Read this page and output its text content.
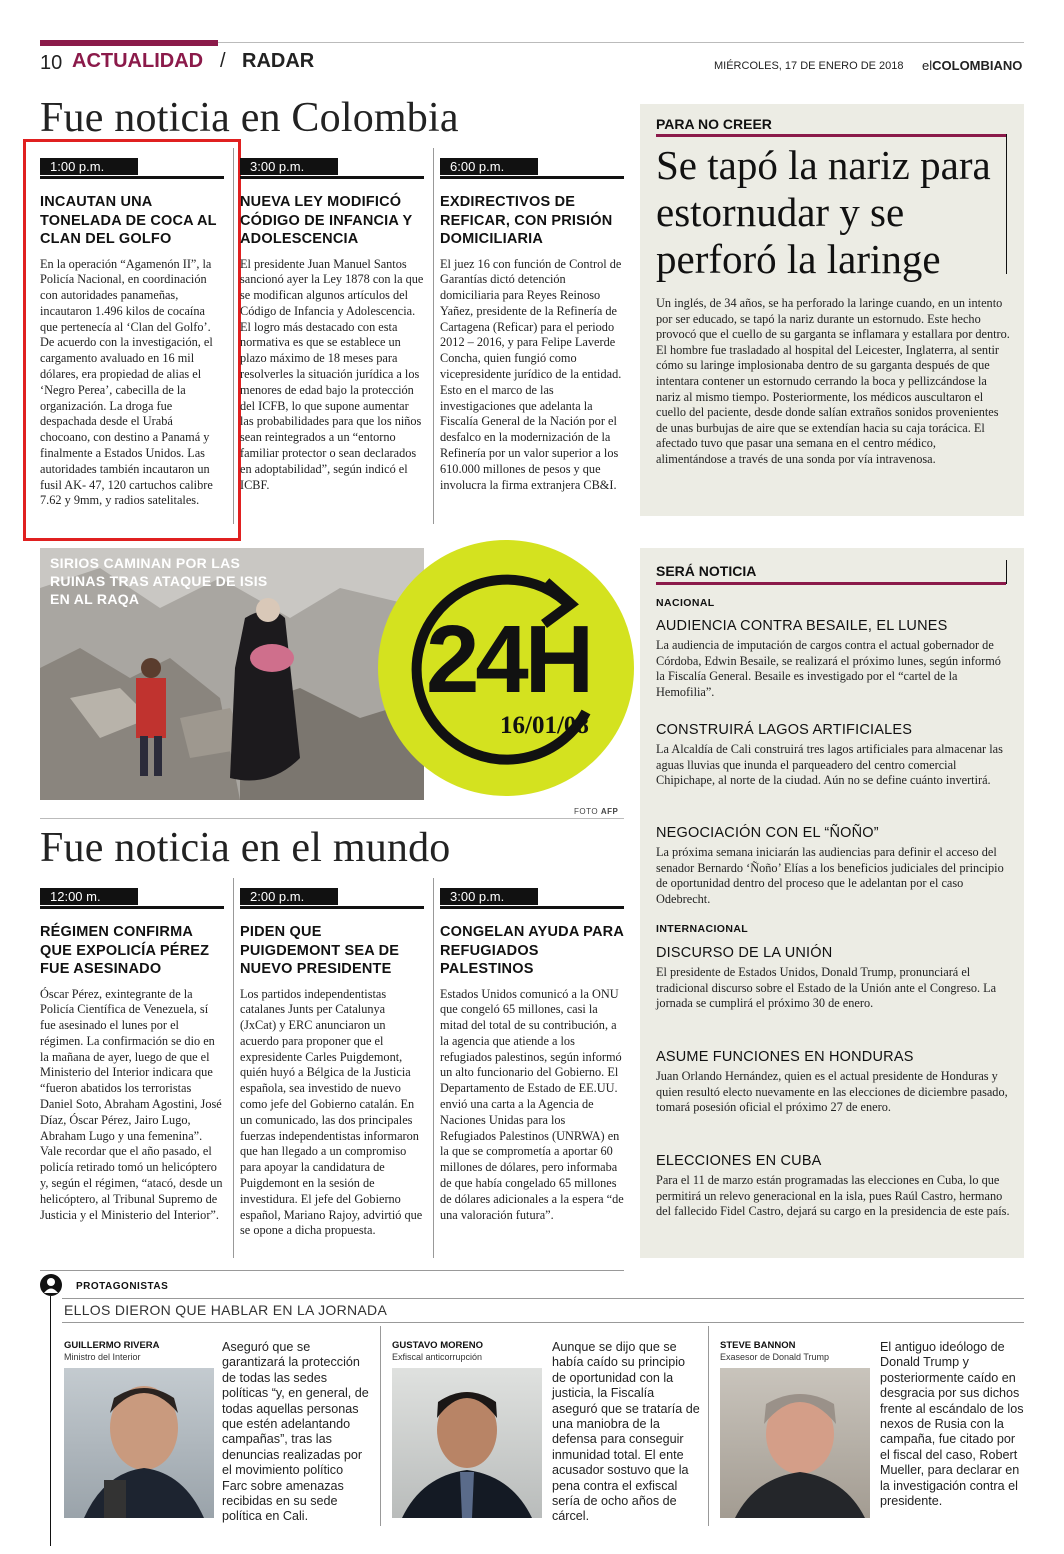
10 ACTUALIDAD / RADAR	MIÉRCOLES, 17 DE ENERO DE 2018 elCOLOMBIANO
Fue noticia en Colombia
1:00 p.m.
INCAUTAN UNA TONELADA DE COCA AL CLAN DEL GOLFO

En la operación “Agamenón II”, la Policía Nacional, en coordinación con autoridades panameñas, incautaron 1.496 kilos de cocaína que pertenecía al ‘Clan del Golfo’. De acuerdo con la investigación, el cargamento avaluado en 16 mil dólares, era propiedad de alias el ‘Negro Perea’, cabecilla de la organización. La droga fue despachada desde el Urabá chocoano, con destino a Panamá y finalmente a Estados Unidos. Las autoridades también incautaron un fusil AK- 47, 120 cartuchos calibre 7.62 y 9mm, y radios satelitales.

3:00 p.m.
NUEVA LEY MODIFICÓ CÓDIGO DE INFANCIA Y ADOLESCENCIA

El presidente Juan Manuel Santos sancionó ayer la Ley 1878 con la que se modifican algunos artículos del Código de Infancia y Adolescencia. El logro más destacado con esta normativa es que se establece un plazo máximo de 18 meses para resolverles la situación jurídica a los menores de edad bajo la protección del ICFB, lo que supone aumentar las probabilidades para que los niños sean reintegrados a un “entorno familiar protector o sean declarados en adoptabilidad”, según indicó el ICBF.

6:00 p.m.
EXDIRECTIVOS DE REFICAR, CON PRISIÓN DOMICILIARIA

El juez 16 con función de Control de Garantías dictó detención domiciliaria para Reyes Reinoso Yañez, presidente de la Refinería de Cartagena (Reficar) para el periodo 2012 – 2016, y para Felipe Laverde Concha, quien fungió como vicepresidente jurídico de la entidad. Esto en el marco de las investigaciones que adelanta la Fiscalía General de la Nación por el desfalco en la modernización de la Refinería por un valor superior a los 610.000 millones de pesos y que involucra la firma extranjera CB&I.

SIRIOS CAMINAN POR LAS RUINAS TRAS ATAQUE DE ISIS EN AL RAQA
24H
16/01/08
FOTO AFP
Fue noticia en el mundo
12:00 m.
RÉGIMEN CONFIRMA QUE EXPOLICÍA PÉREZ FUE ASESINADO

Óscar Pérez, exintegrante de la Policía Científica de Venezuela, sí fue asesinado el lunes por el régimen. La confirmación se dio en la mañana de ayer, luego de que el Ministerio del Interior indicara que “fueron abatidos los terroristas Daniel Soto, Abraham Agostini, José Díaz, Óscar Pérez, Jairo Lugo, Abraham Lugo y una femenina”. Vale recordar que el año pasado, el policía retirado tomó un helicóptero y, según el régimen, “atacó, desde un helicóptero, al Tribunal Supremo de Justicia y el Ministerio del Interior”.

2:00 p.m.
PIDEN QUE PUIGDEMONT SEA DE NUEVO PRESIDENTE

Los partidos independentistas catalanes Junts per Catalunya (JxCat) y ERC anunciaron un acuerdo para proponer que el expresidente Carles Puigdemont, quién huyó a Bélgica de la Justicia española, sea investido de nuevo como jefe del Gobierno catalán. En un comunicado, las dos principales fuerzas independentistas informaron que han llegado a un compromiso para apoyar la candidatura de Puigdemont en la sesión de investidura. El jefe del Gobierno español, Mariano Rajoy, advirtió que se opone a dicha propuesta.

3:00 p.m.
CONGELAN AYUDA PARA REFUGIADOS PALESTINOS

Estados Unidos comunicó a la ONU que congeló 65 millones, casi la mitad del total de su contribución, a la agencia que atiende a los refugiados palestinos, según informó un alto funcionario del Gobierno. El Departamento de Estado de EE.UU. envió una carta a la Agencia de Naciones Unidas para los Refugiados Palestinos (UNRWA) en la que se comprometía a aportar 60 millones de dólares, pero informaba de que había congelado 65 millones de dólares adicionales a la espera “de una valoración futura”.

PARA NO CREER
Se tapó la nariz para estornudar y se perforó la laringe

Un inglés, de 34 años, se ha perforado la laringe cuando, en un intento por ser educado, se tapó la nariz durante un estornudo. Este hecho provocó que el cuello de su garganta se inflamara y estallara por dentro. El hombre fue trasladado al hospital del Leicester, Inglaterra, al sentir cómo su laringe implosionaba dentro de su garganta después de que intentara contener un estornudo cerrando la boca y pellizcándose la nariz al mismo tiempo. Posteriormente, los médicos auscultaron el cuello del paciente, desde donde salían extraños sonidos provenientes de unas burbujas de aire que se extendían hacia su caja torácica. El afectado tuvo que pasar una semana en el centro médico, alimentándose a través de una sonda por vía intravenosa.

SERÁ NOTICIA
NACIONAL
AUDIENCIA CONTRA BESAILE, EL LUNES

La audiencia de imputación de cargos contra el actual gobernador de Córdoba, Edwin Besaile, se realizará el próximo lunes, según informó la Fiscalía General. Besaile es investigado por el “cartel de la Hemofilia”.

CONSTRUIRÁ LAGOS ARTIFICIALES

La Alcaldía de Cali construirá tres lagos artificiales para almacenar las aguas lluvias que inunda el parqueadero del centro comercial Chipichape, al norte de la ciudad. Aún no se define cuánto invertirá.

NEGOCIACIÓN CON EL “ÑOÑO”

La próxima semana iniciarán las audiencias para definir el acceso del senador Bernardo ‘Ñoño’ Elías a los beneficios judiciales del principio de oportunidad dentro del proceso que le adelantan por el caso Odebrecht.

INTERNACIONAL
DISCURSO DE LA UNIÓN

El presidente de Estados Unidos, Donald Trump, pronunciará el tradicional discurso sobre el Estado de la Unión ante el Congreso. La jornada se cumplirá el próximo 30 de enero.

ASUME FUNCIONES EN HONDURAS

Juan Orlando Hernández, quien es el actual presidente de Honduras y quien resultó electo nuevamente en las elecciones de diciembre pasado, tomará posesión oficial el próximo 27 de enero.

ELECCIONES EN CUBA

Para el 11 de marzo están programadas las elecciones en Cuba, lo que permitirá un relevo generacional en la isla, pues Raúl Castro, hermano del fallecido Fidel Castro, dejará su cargo en la presidencia de este país.

PROTAGONISTAS
ELLOS DIERON QUE HABLAR EN LA JORNADA
GUILLERMO RIVERA
Ministro del Interior

Aseguró que se garantizará la protección de todas las sedes políticas “y, en general, de todas aquellas personas que estén adelantando campañas”, tras las denuncias realizadas por el movimiento político Farc sobre amenazas recibidas en su sede política en Cali.

GUSTAVO MORENO
Exfiscal anticorrupción

Aunque se dijo que se había caído su principio de oportunidad con la justicia, la Fiscalía aseguró que se trataría de una maniobra de la defensa para conseguir inmunidad total. El ente acusador sostuvo que la pena contra el exfiscal sería de ocho años de cárcel.

STEVE BANNON
Exasesor de Donald Trump

El antiguo ideólogo de Donald Trump y posteriormente caído en desgracia por sus dichos frente al escándalo de los nexos de Rusia con la campaña, fue citado por el fiscal del caso, Robert Mueller, para declarar en la investigación contra el presidente.
